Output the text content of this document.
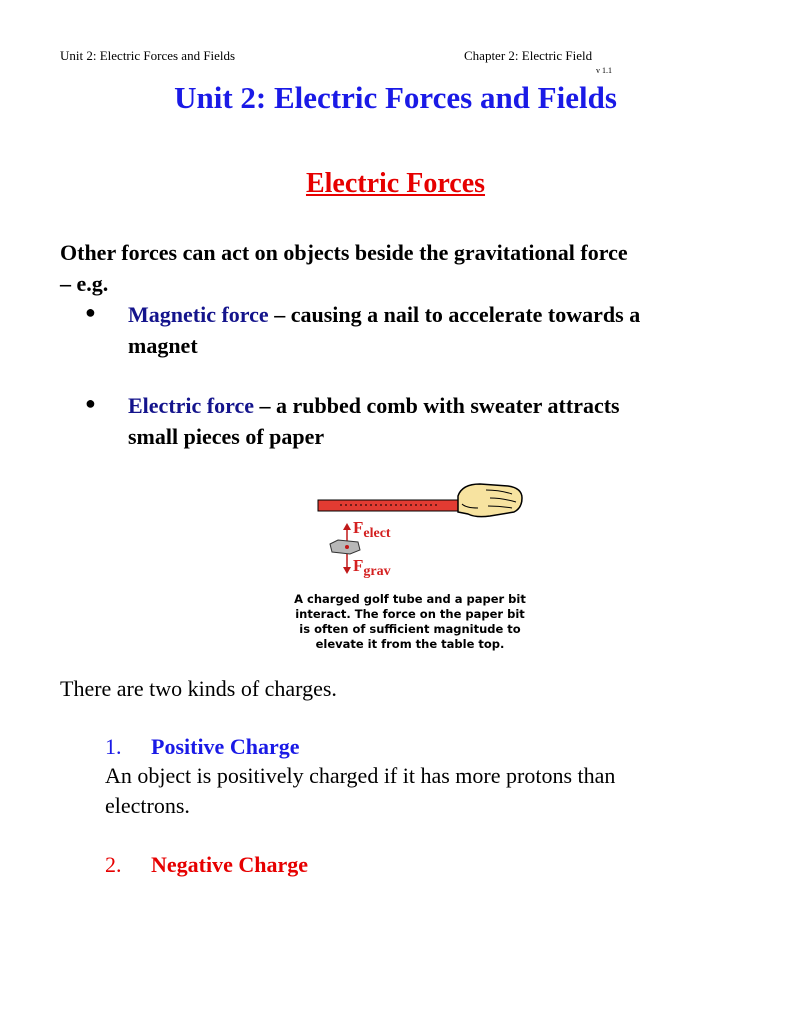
Unit 2: Electric Forces and Fields	Chapter 2: Electric Field
v 1.1
Unit 2: Electric Forces and Fields
Electric Forces
Other forces can act on objects beside the gravitational force
– e.g.
● Magnetic force – causing a nail to accelerate towards a
magnet
● Electric force – a rubbed comb with sweater attracts
small pieces of paper
$F_{elect}$
$F_{grav}$
A charged golf tube and a paper bit
interact. The force on the paper bit
is often of sufficient magnitude to
elevate it from the table top.
There are two kinds of charges.
1. Positive Charge
An object is positively charged if it has more protons than
electrons.
2. Negative Charge
